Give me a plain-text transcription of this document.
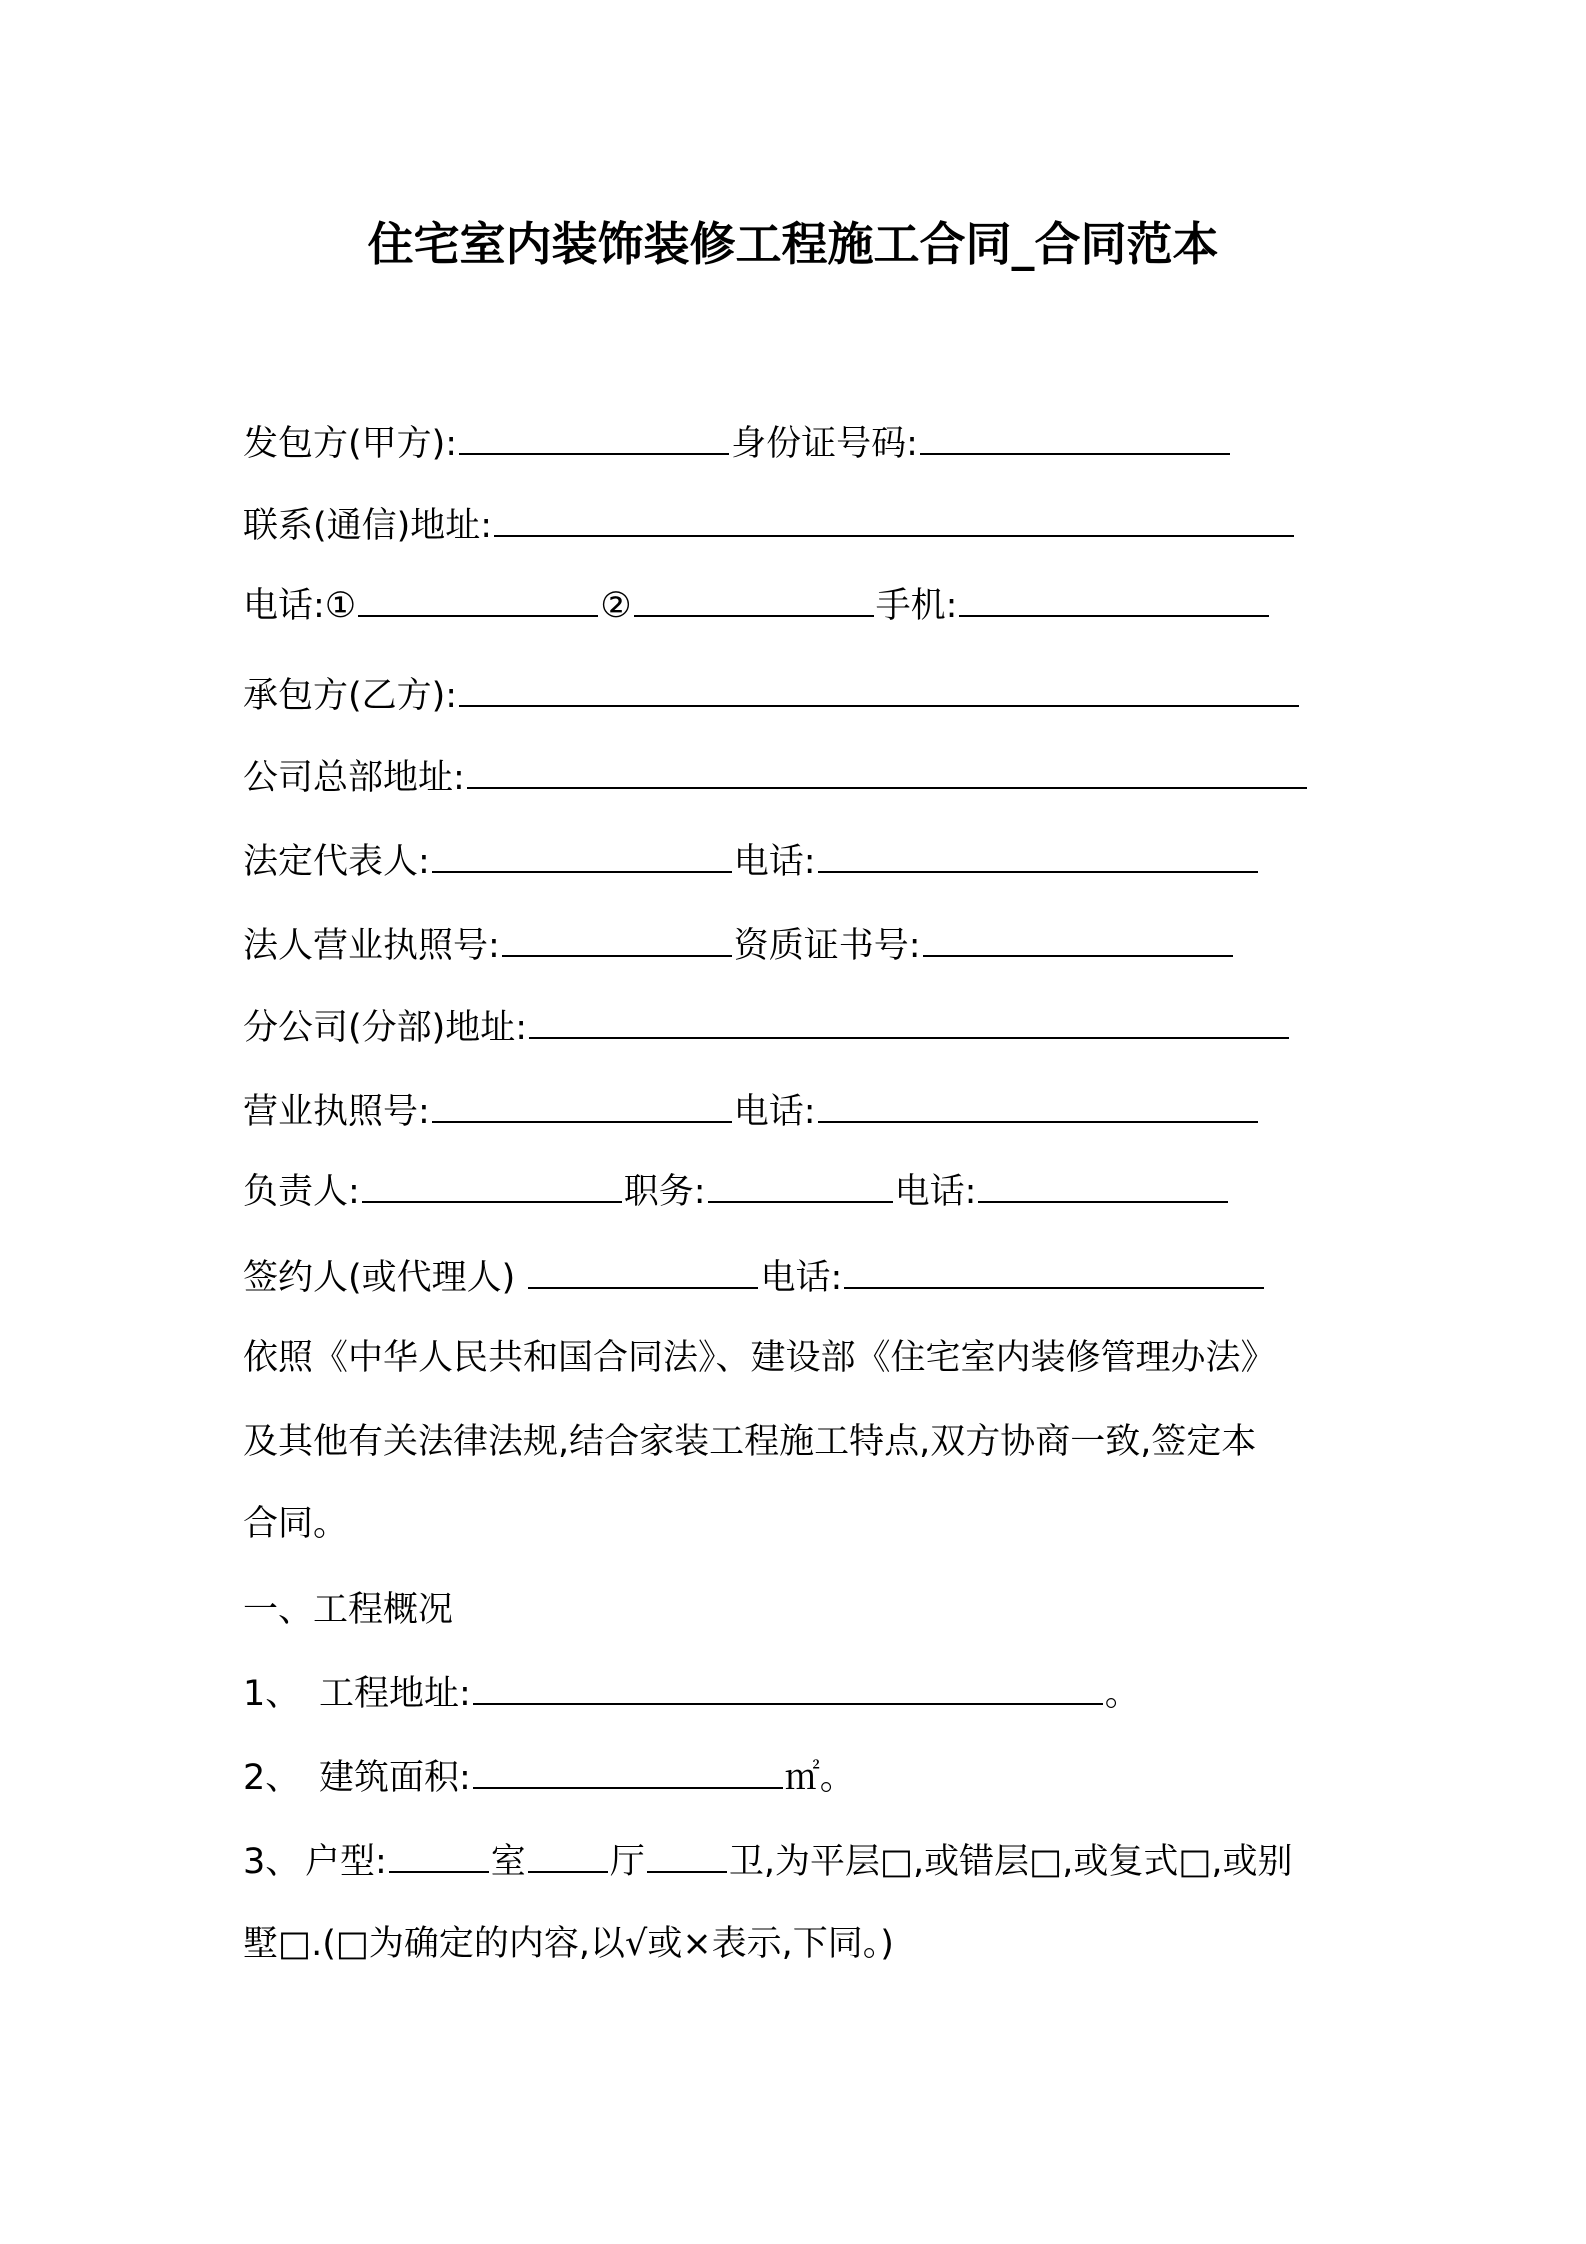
住宅室内装饰装修工程施工合同_合同范本
发包方(甲方):	身份证号码:
联系(通信)地址:
电话:①	②	手机:
承包方(乙方):
公司总部地址:
法定代表人:	电话:
法人营业执照号:	资质证书号:
分公司(分部)地址:
营业执照号:	电话:
负责人:	职务:	电话:
签约人(或代理人)	电话:
依照《中华人民共和国合同法》、建设部《住宅室内装修管理办法》
及其他有关法律法规,结合家装工程施工特点,双方协商一致,签定本
合同。
一、工程概况
1、 工程地址:	。
2、 建筑面积:	㎡。
3、 户型:	室 厅 卫,为平层□,或错层□,或复式□,或别
墅□.(□为确定的内容,以√或×表示,下同。)
